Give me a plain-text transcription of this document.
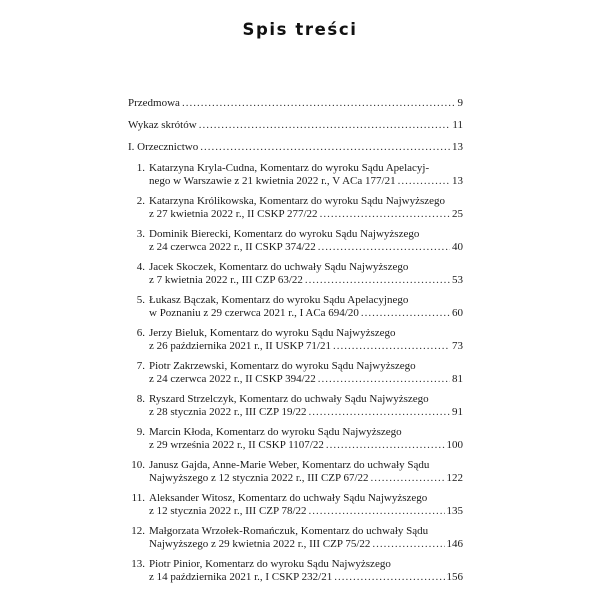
Spis treści
Przedmowa .....	9
Wykaz skrótów .....	11
I. Orzecznictwo .....	13
1. Katarzyna Kryla-Cudna, Komentarz do wyroku Sądu Apelacyj-
nego w Warszawie z 21 kwietnia 2022 r., V ACa 177/21 .....	13
2. Katarzyna Królikowska, Komentarz do wyroku Sądu Najwyższego
z 27 kwietnia 2022 r., II CSKP 277/22 .....	25
3. Dominik Bierecki, Komentarz do wyroku Sądu Najwyższego
z 24 czerwca 2022 r., II CSKP 374/22 .....	40
4. Jacek Skoczek, Komentarz do uchwały Sądu Najwyższego
z 7 kwietnia 2022 r., III CZP 63/22 .....	53
5. Łukasz Bączak, Komentarz do wyroku Sądu Apelacyjnego
w Poznaniu z 29 czerwca 2021 r., I ACa 694/20 .....	60
6. Jerzy Bieluk, Komentarz do wyroku Sądu Najwyższego
z 26 października 2021 r., II USKP 71/21 .....	73
7. Piotr Zakrzewski, Komentarz do wyroku Sądu Najwyższego
z 24 czerwca 2022 r., II CSKP 394/22 .....	81
8. Ryszard Strzelczyk, Komentarz do uchwały Sądu Najwyższego
z 28 stycznia 2022 r., III CZP 19/22 .....	91
9. Marcin Kłoda, Komentarz do wyroku Sądu Najwyższego
z 29 września 2022 r., II CSKP 1107/22 .....	100
10. Janusz Gajda, Anne-Marie Weber, Komentarz do uchwały Sądu
Najwyższego z 12 stycznia 2022 r., III CZP 67/22 .....	122
11. Aleksander Witosz, Komentarz do uchwały Sądu Najwyższego
z 12 stycznia 2022 r., III CZP 78/22 .....	135
12. Małgorzata Wrzołek-Romańczuk, Komentarz do uchwały Sądu
Najwyższego z 29 kwietnia 2022 r., III CZP 75/22 .....	146
13. Piotr Pinior, Komentarz do wyroku Sądu Najwyższego
z 14 października 2021 r., I CSKP 232/21 .....	156
